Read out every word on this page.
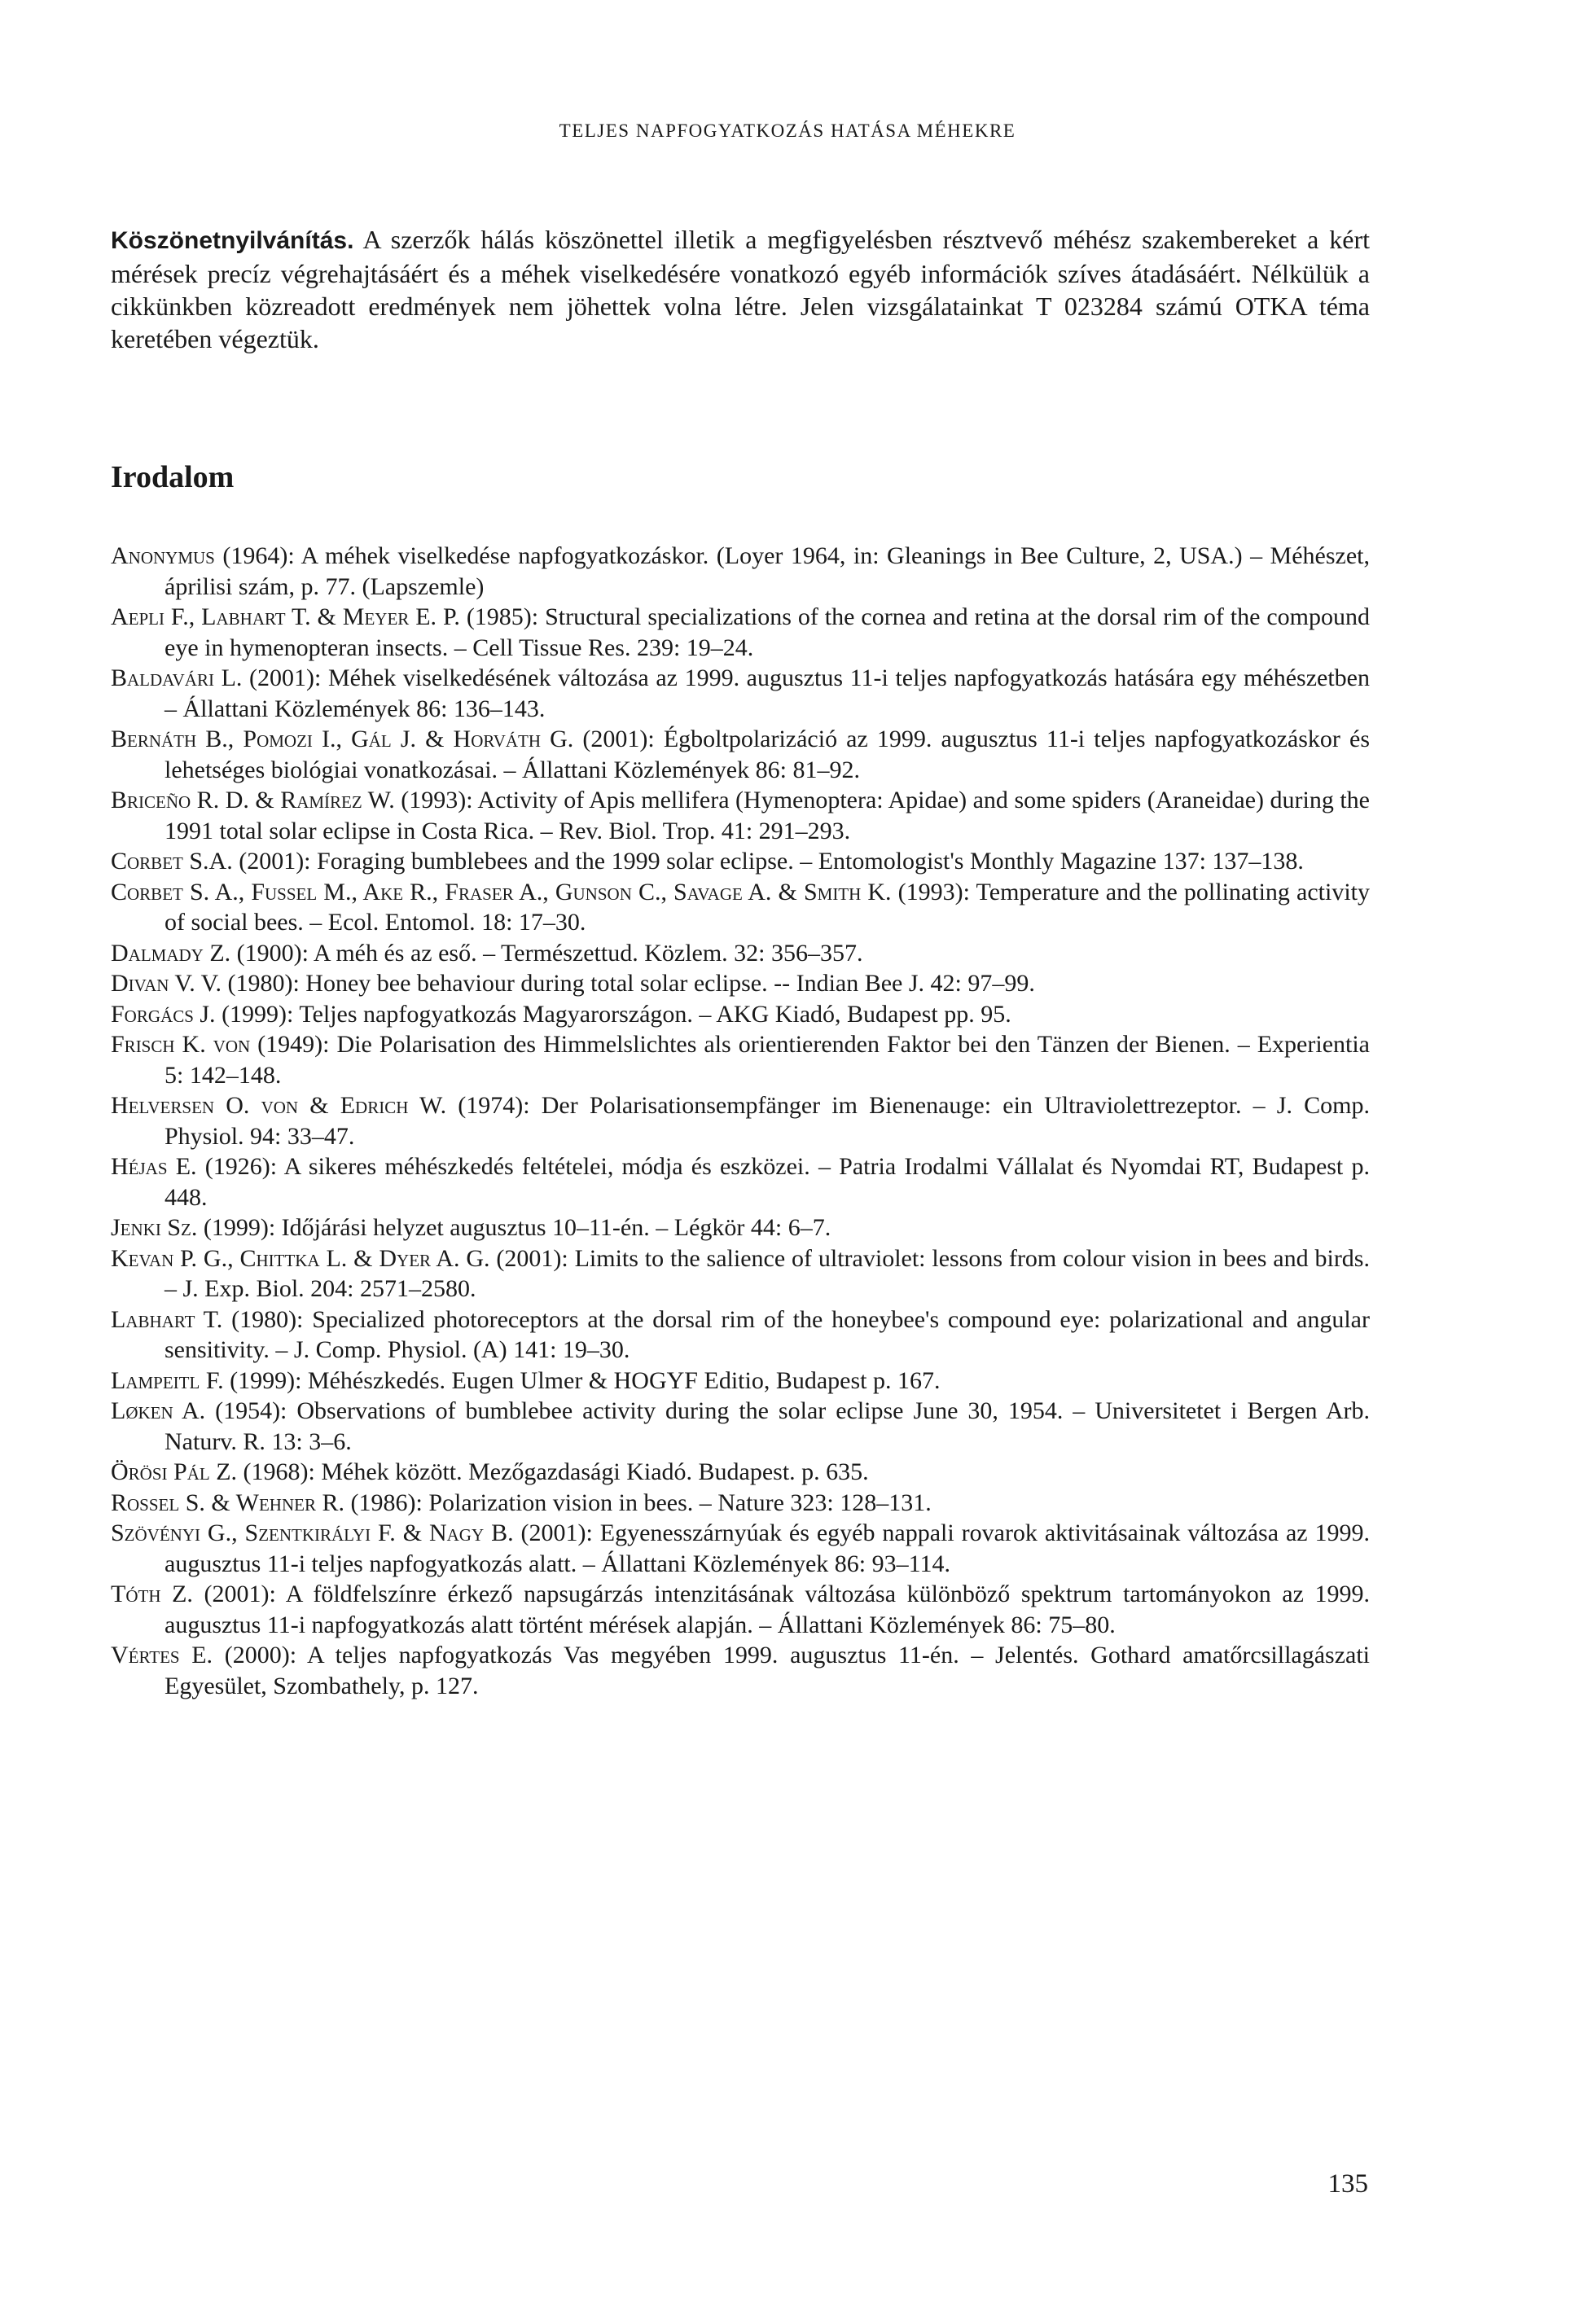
TELJES NAPFOGYATKOZÁS HATÁSA MÉHEKRE

Köszönetnyilvánítás. A szerzők hálás köszönettel illetik a megfigyelésben résztvevő méhész szakembereket a kért mérések precíz végrehajtásáért és a méhek viselkedésére vonatkozó egyéb információk szíves átadásáért. Nélkülük a cikkünkben közreadott eredmények nem jöhettek volna létre. Jelen vizsgálatainkat T 023284 számú OTKA téma keretében végeztük.

Irodalom
Anonymus (1964): A méhek viselkedése napfogyatkozáskor. (Loyer 1964, in: Gleanings in Bee Culture, 2, USA.) – Méhészet, áprilisi szám, p. 77. (Lapszemle)
Aepli F., Labhart T. & Meyer E. P. (1985): Structural specializations of the cornea and retina at the dorsal rim of the compound eye in hymenopteran insects. – Cell Tissue Res. 239: 19–24.
Baldavári L. (2001): Méhek viselkedésének változása az 1999. augusztus 11-i teljes napfogyatkozás hatására egy méhészetben – Állattani Közlemények 86: 136–143.
Bernáth B., Pomozi I., Gál J. & Horváth G. (2001): Égboltpolarizáció az 1999. augusztus 11-i teljes napfogyatkozáskor és lehetséges biológiai vonatkozásai. – Állattani Közlemények 86: 81–92.
Briceño R. D. & Ramírez W. (1993): Activity of Apis mellifera (Hymenoptera: Apidae) and some spiders (Araneidae) during the 1991 total solar eclipse in Costa Rica. – Rev. Biol. Trop. 41: 291–293.
Corbet S.A. (2001): Foraging bumblebees and the 1999 solar eclipse. – Entomologist's Monthly Magazine 137: 137–138.
Corbet S. A., Fussel M., Ake R., Fraser A., Gunson C., Savage A. & Smith K. (1993): Temperature and the pollinating activity of social bees. – Ecol. Entomol. 18: 17–30.
Dalmady Z. (1900): A méh és az eső. – Természettud. Közlem. 32: 356–357.
Divan V. V. (1980): Honey bee behaviour during total solar eclipse. -- Indian Bee J. 42: 97–99.
Forgács J. (1999): Teljes napfogyatkozás Magyarországon. – AKG Kiadó, Budapest pp. 95.
Frisch K. von (1949): Die Polarisation des Himmelslichtes als orientierenden Faktor bei den Tänzen der Bienen. – Experientia 5: 142–148.
Helversen O. von & Edrich W. (1974): Der Polarisationsempfänger im Bienenauge: ein Ultraviolettrezeptor. – J. Comp. Physiol. 94: 33–47.
Héjas E. (1926): A sikeres méhészkedés feltételei, módja és eszközei. – Patria Irodalmi Vállalat és Nyomdai RT, Budapest p. 448.
Jenki Sz. (1999): Időjárási helyzet augusztus 10–11-én. – Légkör 44: 6–7.
Kevan P. G., Chittka L. & Dyer A. G. (2001): Limits to the salience of ultraviolet: lessons from colour vision in bees and birds. – J. Exp. Biol. 204: 2571–2580.
Labhart T. (1980): Specialized photoreceptors at the dorsal rim of the honeybee's compound eye: polarizational and angular sensitivity. – J. Comp. Physiol. (A) 141: 19–30.
Lampeitl F. (1999): Méhészkedés. Eugen Ulmer & HOGYF Editio, Budapest p. 167.
Løken A. (1954): Observations of bumblebee activity during the solar eclipse June 30, 1954. – Universitetet i Bergen Arb. Naturv. R. 13: 3–6.
Örösi Pál Z. (1968): Méhek között. Mezőgazdasági Kiadó. Budapest. p. 635.
Rossel S. & Wehner R. (1986): Polarization vision in bees. – Nature 323: 128–131.
Szövényi G., Szentkirályi F. & Nagy B. (2001): Egyenesszárnyúak és egyéb nappali rovarok aktivitásainak változása az 1999. augusztus 11-i teljes napfogyatkozás alatt. – Állattani Közlemények 86: 93–114.
Tóth Z. (2001): A földfelszínre érkező napsugárzás intenzitásának változása különböző spektrum tartományokon az 1999. augusztus 11-i napfogyatkozás alatt történt mérések alapján. – Állattani Közlemények 86: 75–80.
Vértes E. (2000): A teljes napfogyatkozás Vas megyében 1999. augusztus 11-én. – Jelentés. Gothard amatőrcsillagászati Egyesület, Szombathely, p. 127.
135
